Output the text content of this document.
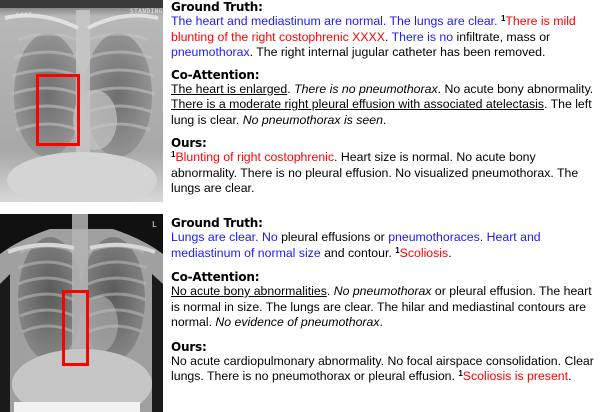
SCOT
STANDING Ground Truth:

The heart and mediastinum are normal. The lungs are clear. $^1$There is mild blunting of the right costophrenic XXXX. There is no infiltrate, mass or pneumothorax. The right internal jugular catheter has been removed.

Co-Attention:

The heart is enlarged. There is no pneumothorax. No acute bony abnormality. There is a moderate right pleural effusion with associated atelectasis. The left lung is clear. No pneumothorax is seen.

Ours:

$^1$Blunting of right costophrenic. Heart size is normal. No acute bony abnormality. There is no pleural effusion. No visualized pneumothorax. The lungs are clear.

L Ground Truth:

Lungs are clear. No pleural effusions or pneumothoraces. Heart and mediastinum of normal size and contour. $^1$Scoliosis.

Co-Attention:

No acute bony abnormalities. No pneumothorax or pleural effusion. The heart is normal in size. The lungs are clear. The hilar and mediastinal contours are normal. No evidence of pneumothorax.

Ours:

No acute cardiopulmonary abnormality. No focal airspace consolidation. Clear lungs. There is no pneumothorax or pleural effusion. $^1$Scoliosis is present.
